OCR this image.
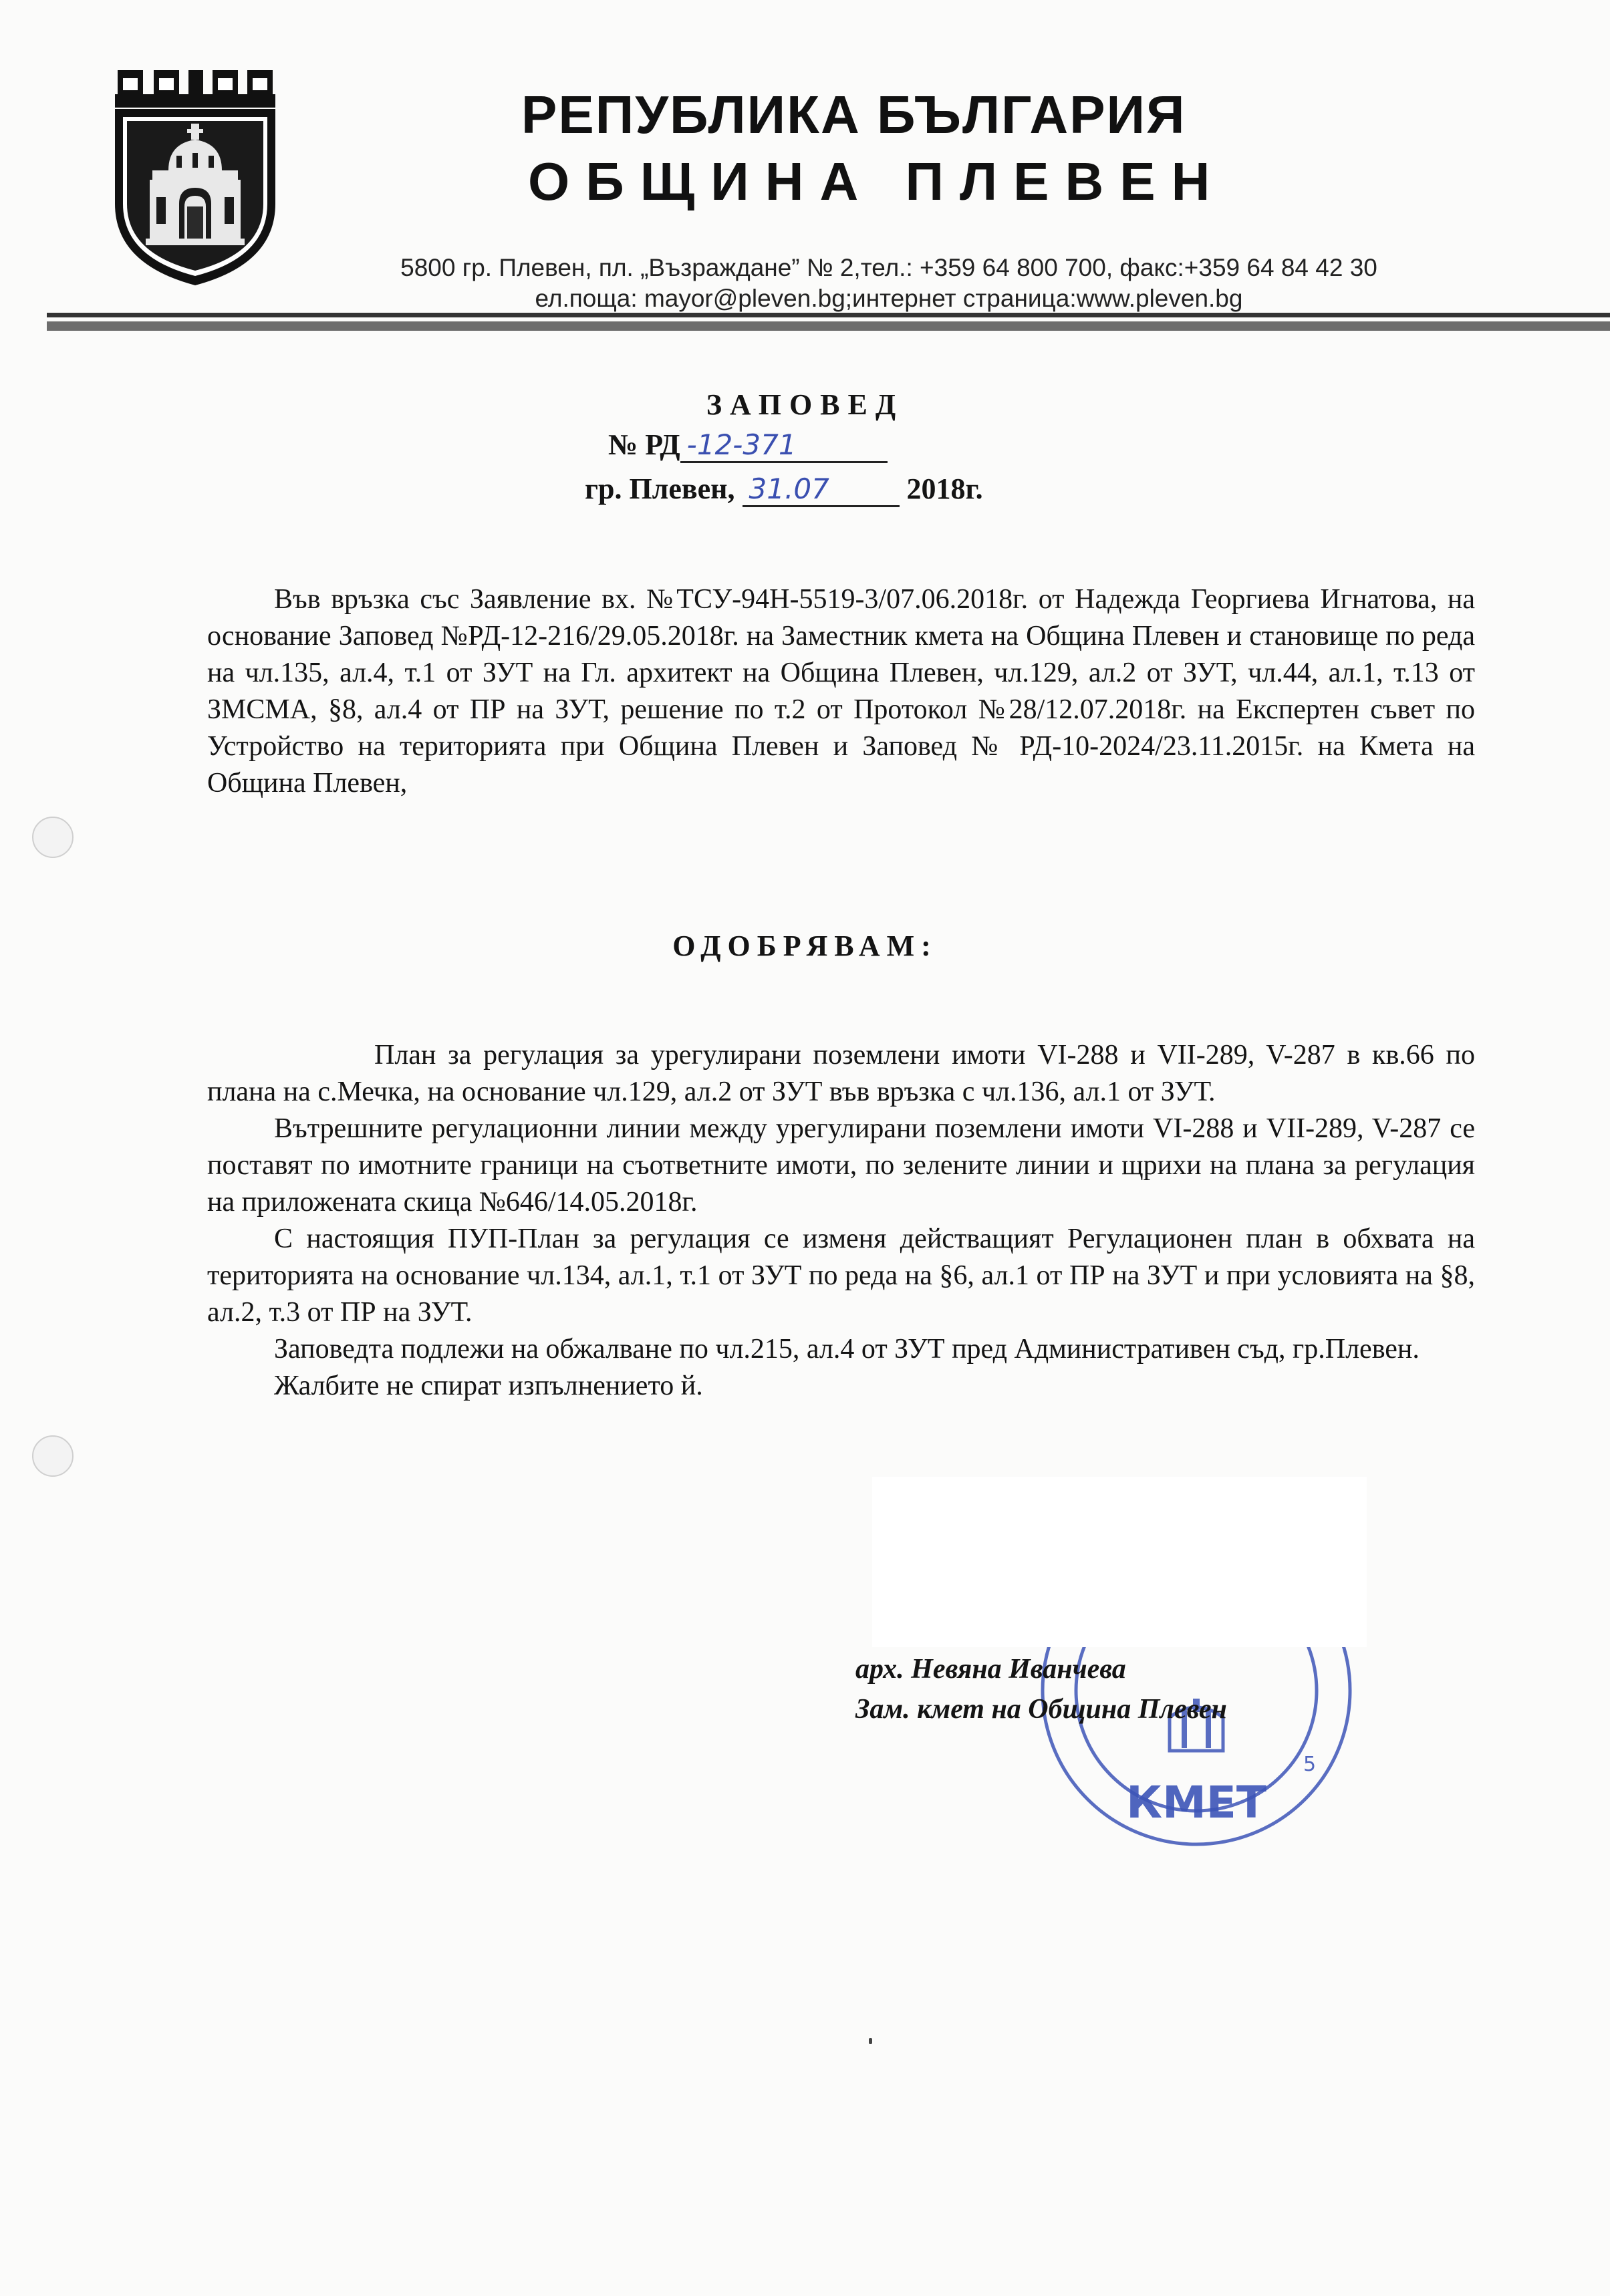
РЕПУБЛИКА БЪЛГАРИЯ
ОБЩИНА ПЛЕВЕН
5800 гр. Плевен, пл. „Възраждане” № 2,тел.: +359 64 800 700, факс:+359 64 84 42 30
ел.поща: mayor@pleven.bg;интернет страница:www.pleven.bg
ЗАПОВЕД
№ РД -12-371
гр. Плевен, 31.07	2018г.

Във връзка със Заявление вх. №ТСУ-94Н-5519-3/07.06.2018г. от Надежда Георгиева Игнатова, на основание Заповед №РД-12-216/29.05.2018г. на Заместник кмета на Община Плевен и становище по реда на чл.135, ал.4, т.1 от ЗУТ на Гл. архитект на Община Плевен, чл.129, ал.2 от ЗУТ, чл.44, ал.1, т.13 от ЗМСМА, §8, ал.4 от ПР на ЗУТ, решение по т.2 от Протокол №28/12.07.2018г. на Експертен съвет по Устройство на територията при Община Плевен и Заповед № РД-10-2024/23.11.2015г. на Кмета на Община Плевен,

ОДОБРЯВАМ:

План за регулация за урегулирани поземлени имоти VI-288 и VII-289, V-287 в кв.66 по плана на с.Мечка, на основание чл.129, ал.2 от ЗУТ във връзка с чл.136, ал.1 от ЗУТ.

Вътрешните регулационни линии между урегулирани поземлени имоти VI-288 и VII-289, V-287 се поставят по имотните граници на съответните имоти, по зелените линии и щрихи на плана за регулация на приложената скица №646/14.05.2018г.

С настоящия ПУП-План за регулация се изменя действащият Регулационен план в обхвата на територията на основание чл.134, ал.1, т.1 от ЗУТ по реда на §6, ал.1 от ПР на ЗУТ и при условията на §8, ал.2, т.3 от ПР на ЗУТ.

Заповедта подлежи на обжалване по чл.215, ал.4 от ЗУТ пред Административен съд, гр.Плевен.

Жалбите не спират изпълнението й.

КМЕТ
5
арх. Невяна Иванчева
Зам. кмет на Община Плевен
